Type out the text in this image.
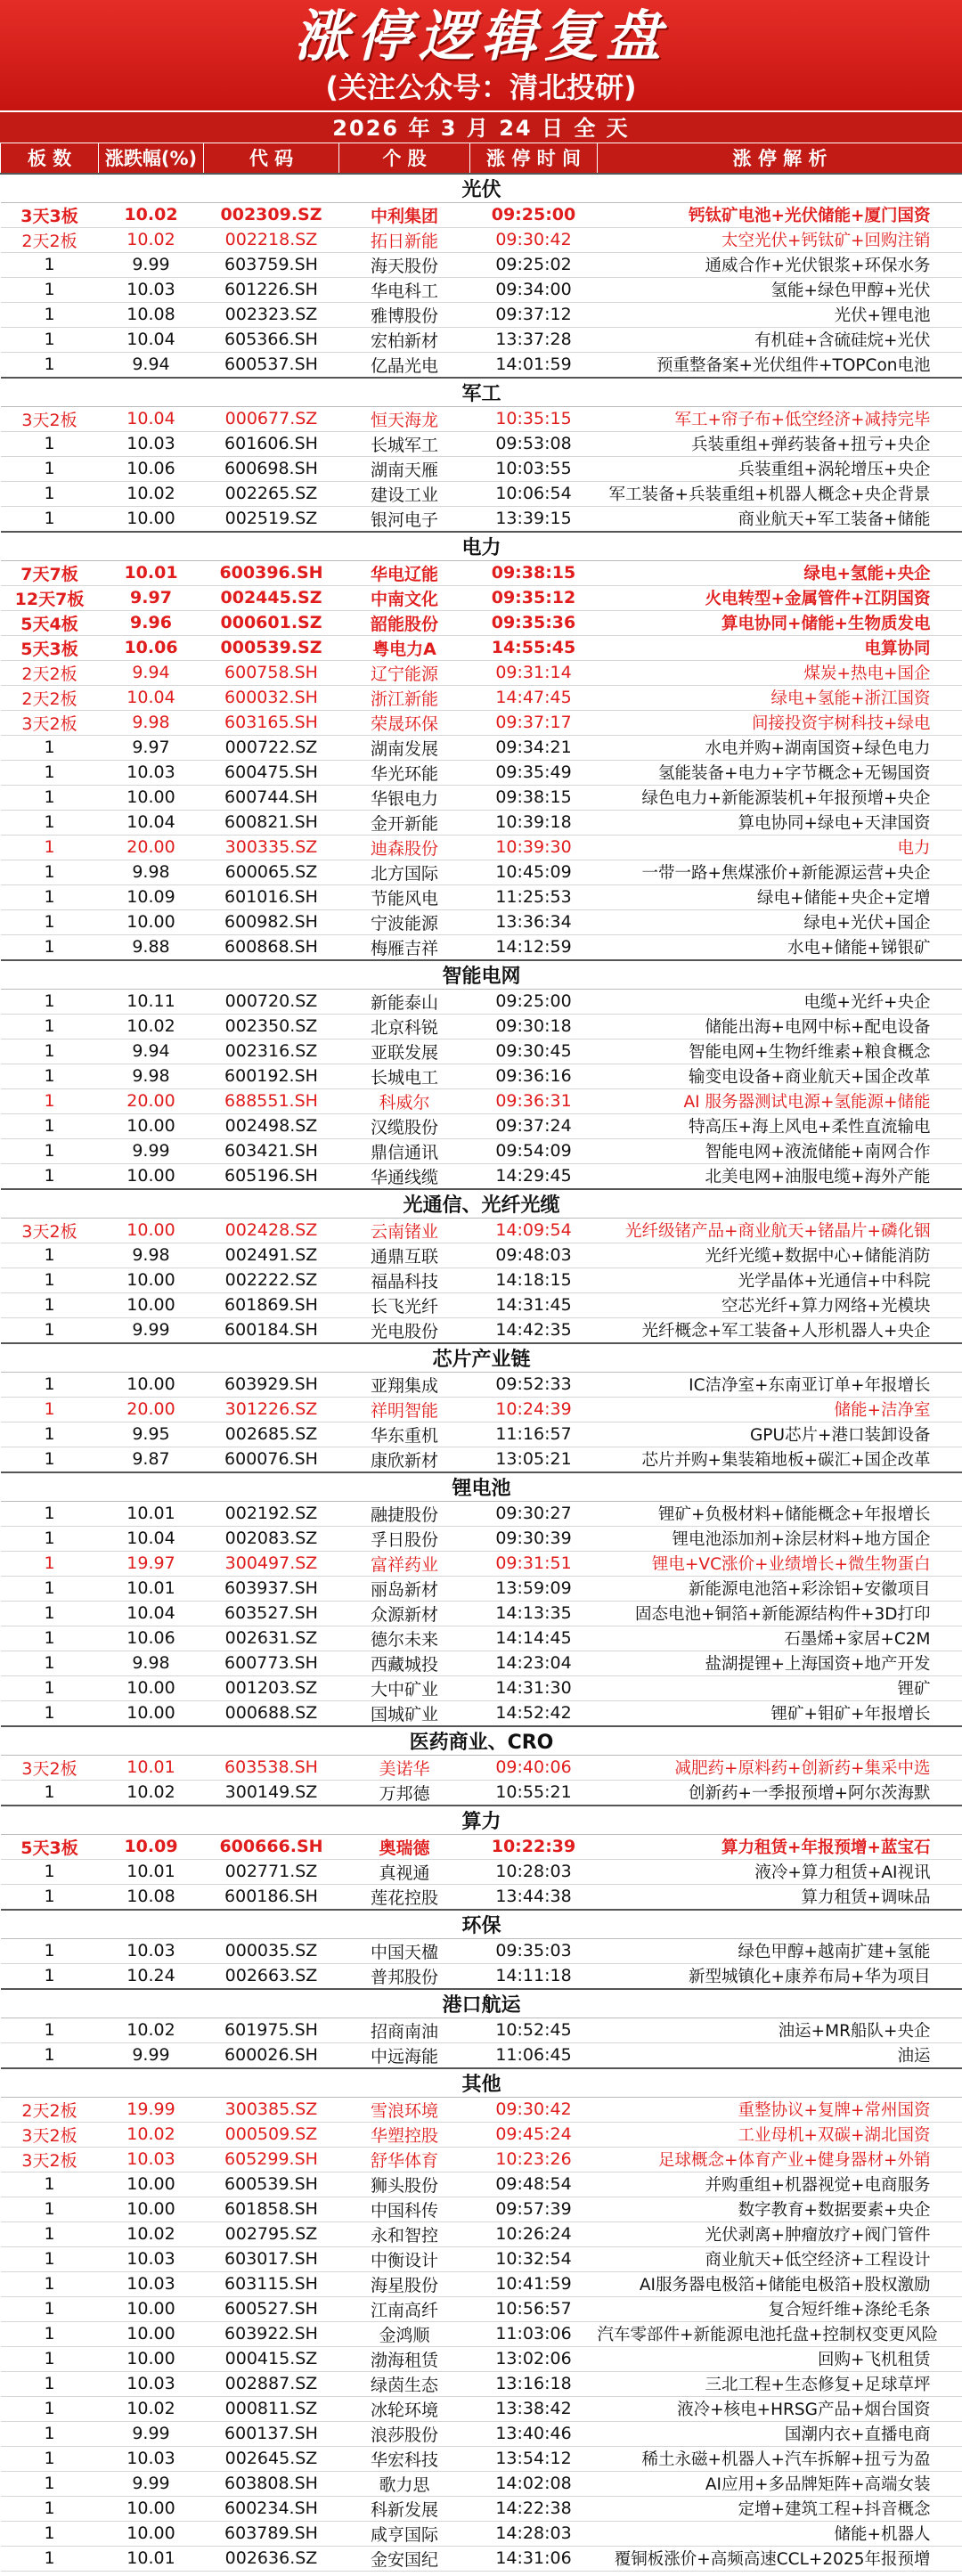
涨停逻辑复盘
(关注公众号：清北投研)
2026 年 3 月 24 日 全 天
板 数	涨跌幅(%)	代 码	个 股	涨 停 时 间	涨 停 解 析
光伏					
3天3板	10.02	002309.SZ	中利集团	09:25:00	钙钛矿电池+光伏储能+厦门国资
2天2板	10.02	002218.SZ	拓日新能	09:30:42	太空光伏+钙钛矿+回购注销
1	9.99	603759.SH	海天股份	09:25:02	通威合作+光伏银浆+环保水务
1	10.03	601226.SH	华电科工	09:34:00	氢能+绿色甲醇+光伏
1	10.08	002323.SZ	雅博股份	09:37:12	光伏+锂电池
1	10.04	605366.SH	宏柏新材	13:37:28	有机硅+含硫硅烷+光伏
1	9.94	600537.SH	亿晶光电	14:01:59	预重整备案+光伏组件+TOPCon电池
军工					
3天2板	10.04	000677.SZ	恒天海龙	10:35:15	军工+帘子布+低空经济+减持完毕
1	10.03	601606.SH	长城军工	09:53:08	兵装重组+弹药装备+扭亏+央企
1	10.06	600698.SH	湖南天雁	10:03:55	兵装重组+涡轮增压+央企
1	10.02	002265.SZ	建设工业	10:06:54	军工装备+兵装重组+机器人概念+央企背景
1	10.00	002519.SZ	银河电子	13:39:15	商业航天+军工装备+储能
电力					
7天7板	10.01	600396.SH	华电辽能	09:38:15	绿电+氢能+央企
12天7板	9.97	002445.SZ	中南文化	09:35:12	火电转型+金属管件+江阴国资
5天4板	9.96	000601.SZ	韶能股份	09:35:36	算电协同+储能+生物质发电
5天3板	10.06	000539.SZ	粤电力A	14:55:45	电算协同
2天2板	9.94	600758.SH	辽宁能源	09:31:14	煤炭+热电+国企
2天2板	10.04	600032.SH	浙江新能	14:47:45	绿电+氢能+浙江国资
3天2板	9.98	603165.SH	荣晟环保	09:37:17	间接投资宇树科技+绿电
1	9.97	000722.SZ	湖南发展	09:34:21	水电并购+湖南国资+绿色电力
1	10.03	600475.SH	华光环能	09:35:49	氢能装备+电力+字节概念+无锡国资
1	10.00	600744.SH	华银电力	09:38:15	绿色电力+新能源装机+年报预增+央企
1	10.04	600821.SH	金开新能	10:39:18	算电协同+绿电+天津国资
1	20.00	300335.SZ	迪森股份	10:39:30	电力
1	9.98	600065.SZ	北方国际	10:45:09	一带一路+焦煤涨价+新能源运营+央企
1	10.09	601016.SH	节能风电	11:25:53	绿电+储能+央企+定增
1	10.00	600982.SH	宁波能源	13:36:34	绿电+光伏+国企
1	9.88	600868.SH	梅雁吉祥	14:12:59	水电+储能+锑银矿
智能电网					
1	10.11	000720.SZ	新能泰山	09:25:00	电缆+光纤+央企
1	10.02	002350.SZ	北京科锐	09:30:18	储能出海+电网中标+配电设备
1	9.94	002316.SZ	亚联发展	09:30:45	智能电网+生物纤维素+粮食概念
1	9.98	600192.SH	长城电工	09:36:16	输变电设备+商业航天+国企改革
1	20.00	688551.SH	科威尔	09:36:31	AI 服务器测试电源+氢能源+储能
1	10.00	002498.SZ	汉缆股份	09:37:24	特高压+海上风电+柔性直流输电
1	9.99	603421.SH	鼎信通讯	09:54:09	智能电网+液流储能+南网合作
1	10.00	605196.SH	华通线缆	14:29:45	北美电网+油服电缆+海外产能
光通信、光纤光缆					
3天2板	10.00	002428.SZ	云南锗业	14:09:54	光纤级锗产品+商业航天+锗晶片+磷化铟
1	9.98	002491.SZ	通鼎互联	09:48:03	光纤光缆+数据中心+储能消防
1	10.00	002222.SZ	福晶科技	14:18:15	光学晶体+光通信+中科院
1	10.00	601869.SH	长飞光纤	14:31:45	空芯光纤+算力网络+光模块
1	9.99	600184.SH	光电股份	14:42:35	光纤概念+军工装备+人形机器人+央企
芯片产业链					
1	10.00	603929.SH	亚翔集成	09:52:33	IC洁净室+东南亚订单+年报增长
1	20.00	301226.SZ	祥明智能	10:24:39	储能+洁净室
1	9.95	002685.SZ	华东重机	11:16:57	GPU芯片+港口装卸设备
1	9.87	600076.SH	康欣新材	13:05:21	芯片并购+集装箱地板+碳汇+国企改革
锂电池					
1	10.01	002192.SZ	融捷股份	09:30:27	锂矿+负极材料+储能概念+年报增长
1	10.04	002083.SZ	孚日股份	09:30:39	锂电池添加剂+涂层材料+地方国企
1	19.97	300497.SZ	富祥药业	09:31:51	锂电+VC涨价+业绩增长+微生物蛋白
1	10.01	603937.SH	丽岛新材	13:59:09	新能源电池箔+彩涂铝+安徽项目
1	10.04	603527.SH	众源新材	14:13:35	固态电池+铜箔+新能源结构件+3D打印
1	10.06	002631.SZ	德尔未来	14:14:45	石墨烯+家居+C2M
1	9.98	600773.SH	西藏城投	14:23:04	盐湖提锂+上海国资+地产开发
1	10.00	001203.SZ	大中矿业	14:31:30	锂矿
1	10.00	000688.SZ	国城矿业	14:52:42	锂矿+钼矿+年报增长
医药商业、CRO					
3天2板	10.01	603538.SH	美诺华	09:40:06	减肥药+原料药+创新药+集采中选
1	10.02	300149.SZ	万邦德	10:55:21	创新药+一季报预增+阿尔茨海默
算力					
5天3板	10.09	600666.SH	奥瑞德	10:22:39	算力租赁+年报预增+蓝宝石
1	10.01	002771.SZ	真视通	10:28:03	液冷+算力租赁+AI视讯
1	10.08	600186.SH	莲花控股	13:44:38	算力租赁+调味品
环保					
1	10.03	000035.SZ	中国天楹	09:35:03	绿色甲醇+越南扩建+氢能
1	10.24	002663.SZ	普邦股份	14:11:18	新型城镇化+康养布局+华为项目
港口航运					
1	10.02	601975.SH	招商南油	10:52:45	油运+MR船队+央企
1	9.99	600026.SH	中远海能	11:06:45	油运
其他					
2天2板	19.99	300385.SZ	雪浪环境	09:30:42	重整协议+复牌+常州国资
3天2板	10.02	000509.SZ	华塑控股	09:45:24	工业母机+双碳+湖北国资
3天2板	10.03	605299.SH	舒华体育	10:23:26	足球概念+体育产业+健身器材+外销
1	10.00	600539.SH	狮头股份	09:48:54	并购重组+机器视觉+电商服务
1	10.00	601858.SH	中国科传	09:57:39	数字教育+数据要素+央企
1	10.02	002795.SZ	永和智控	10:26:24	光伏剥离+肿瘤放疗+阀门管件
1	10.03	603017.SH	中衡设计	10:32:54	商业航天+低空经济+工程设计
1	10.03	603115.SH	海星股份	10:41:59	AI服务器电极箔+储能电极箔+股权激励
1	10.00	600527.SH	江南高纤	10:56:57	复合短纤维+涤纶毛条
1	10.00	603922.SH	金鸿顺	11:03:06	汽车零部件+新能源电池托盘+控制权变更风险
1	10.00	000415.SZ	渤海租赁	13:02:06	回购+飞机租赁
1	10.03	002887.SZ	绿茵生态	13:16:18	三北工程+生态修复+足球草坪
1	10.02	000811.SZ	冰轮环境	13:38:42	液冷+核电+HRSG产品+烟台国资
1	9.99	600137.SH	浪莎股份	13:40:46	国潮内衣+直播电商
1	10.03	002645.SZ	华宏科技	13:54:12	稀土永磁+机器人+汽车拆解+扭亏为盈
1	9.99	603808.SH	歌力思	14:02:08	AI应用+多品牌矩阵+高端女装
1	10.00	600234.SH	科新发展	14:22:38	定增+建筑工程+抖音概念
1	10.00	603789.SH	咸亨国际	14:28:03	储能+机器人
1	10.01	002636.SZ	金安国纪	14:31:06	覆铜板涨价+高频高速CCL+2025年报预增
